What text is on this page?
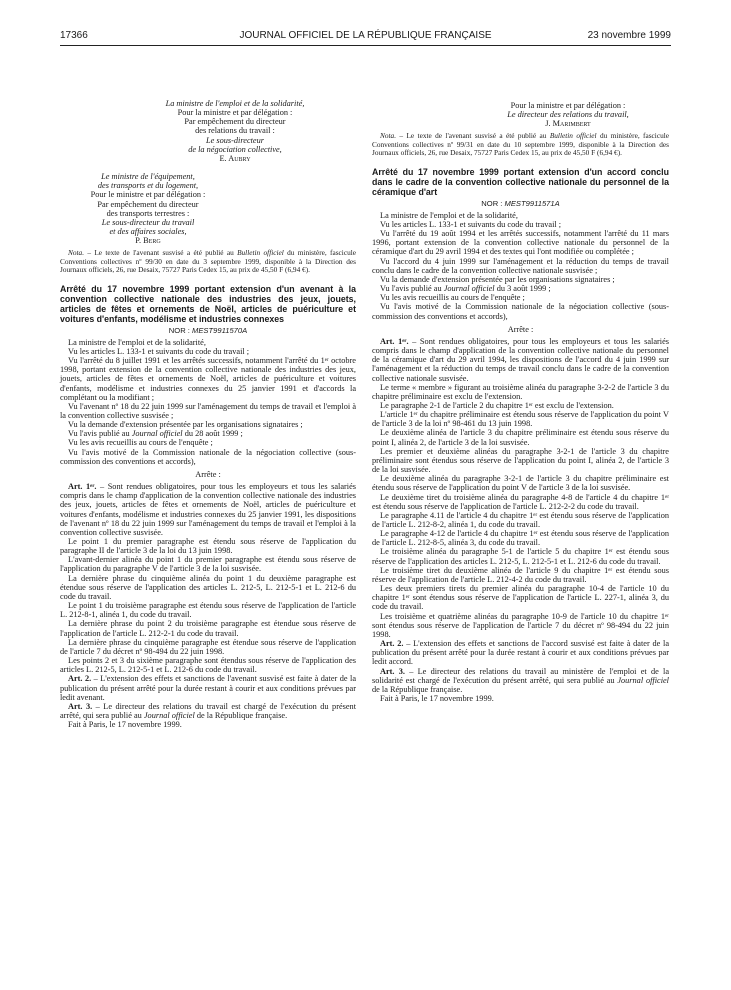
17366	JOURNAL OFFICIEL DE LA RÉPUBLIQUE FRANÇAISE	23 novembre 1999
La ministre de l'emploi et de la solidarité,
Pour la ministre et par délégation :
Par empêchement du directeur
des relations du travail :
Le sous-directeur
de la négociation collective,
E. Aubry
Le ministre de l'équipement,
des transports et du logement,
Pour le ministre et par délégation :
Par empêchement du directeur
des transports terrestres :
Le sous-directeur du travail
et des affaires sociales,
P. Berg

Nota. – Le texte de l'avenant susvisé a été publié au Bulletin officiel du ministère, fascicule Conventions collectives nº 99/30 en date du 3 septembre 1999, disponible à la Direction des Journaux officiels, 26, rue Desaix, 75727 Paris Cedex 15, au prix de 45,50 F (6,94 €).

Arrêté du 17 novembre 1999 portant extension d'un avenant à la convention collective nationale des industries des jeux, jouets, articles de fêtes et ornements de Noël, articles de puériculture et voitures d'enfants, modélisme et industries connexes

NOR : MEST9911570A

La ministre de l'emploi et de la solidarité,

Vu les articles L. 133-1 et suivants du code du travail ;

Vu l'arrêté du 8 juillet 1991 et les arrêtés successifs, notamment l'arrêté du 1ᵉʳ octobre 1998, portant extension de la convention collective nationale des industries des jeux, jouets, articles de fêtes et ornements de Noël, articles de puériculture et voitures d'enfants, modélisme et industries connexes du 25 janvier 1991 et d'accords la complétant ou la modifiant ;

Vu l'avenant nº 18 du 22 juin 1999 sur l'aménagement du temps de travail et l'emploi à la convention collective susvisée ;

Vu la demande d'extension présentée par les organisations signataires ;

Vu l'avis publié au Journal officiel du 28 août 1999 ;

Vu les avis recueillis au cours de l'enquête ;

Vu l'avis motivé de la Commission nationale de la négociation collective (sous-commission des conventions et accords),

Arrête :

Art. 1ᵉʳ. – Sont rendues obligatoires, pour tous les employeurs et tous les salariés compris dans le champ d'application de la convention collective nationale des industries des jeux, jouets, articles de fêtes et ornements de Noël, articles de puériculture et voitures d'enfants, modélisme et industries connexes du 25 janvier 1991, les dispositions de l'avenant nº 18 du 22 juin 1999 sur l'aménagement du temps de travail et l'emploi à la convention collective susvisée.

Le point 1 du premier paragraphe est étendu sous réserve de l'application du paragraphe II de l'article 3 de la loi du 13 juin 1998.

L'avant-dernier alinéa du point 1 du premier paragraphe est étendu sous réserve de l'application du paragraphe V de l'article 3 de la loi susvisée.

La dernière phrase du cinquième alinéa du point 1 du deuxième paragraphe est étendue sous réserve de l'application des articles L. 212-5, L. 212-5-1 et L. 212-6 du code du travail.

Le point 1 du troisième paragraphe est étendu sous réserve de l'application de l'article L. 212-8-1, alinéa 1, du code du travail.

La dernière phrase du point 2 du troisième paragraphe est étendue sous réserve de l'application de l'article L. 212-2-1 du code du travail.

La dernière phrase du cinquième paragraphe est étendue sous réserve de l'application de l'article 7 du décret nº 98-494 du 22 juin 1998.

Les points 2 et 3 du sixième paragraphe sont étendus sous réserve de l'application des articles L. 212-5, L. 212-5-1 et L. 212-6 du code du travail.

Art. 2. – L'extension des effets et sanctions de l'avenant susvisé est faite à dater de la publication du présent arrêté pour la durée restant à courir et aux conditions prévues par ledit avenant.

Art. 3. – Le directeur des relations du travail est chargé de l'exécution du présent arrêté, qui sera publié au Journal officiel de la République française.

Fait à Paris, le 17 novembre 1999.

Pour la ministre et par délégation :
Le directeur des relations du travail,
J. Marimbert

Nota. – Le texte de l'avenant susvisé a été publié au Bulletin officiel du ministère, fascicule Conventions collectives nº 99/31 en date du 10 septembre 1999, disponible à la Direction des Journaux officiels, 26, rue Desaix, 75727 Paris Cedex 15, au prix de 45,50 F (6,94 €).

Arrêté du 17 novembre 1999 portant extension d'un accord conclu dans le cadre de la convention collective nationale du personnel de la céramique d'art

NOR : MEST9911571A

La ministre de l'emploi et de la solidarité,

Vu les articles L. 133-1 et suivants du code du travail ;

Vu l'arrêté du 19 août 1994 et les arrêtés successifs, notamment l'arrêté du 11 mars 1996, portant extension de la convention collective nationale du personnel de la céramique d'art du 29 avril 1994 et des textes qui l'ont modifiée ou complétée ;

Vu l'accord du 4 juin 1999 sur l'aménagement et la réduction du temps de travail conclu dans le cadre de la convention collective nationale susvisée ;

Vu la demande d'extension présentée par les organisations signataires ;

Vu l'avis publié au Journal officiel du 3 août 1999 ;

Vu les avis recueillis au cours de l'enquête ;

Vu l'avis motivé de la Commission nationale de la négociation collective (sous-commission des conventions et accords),

Arrête :

Art. 1ᵉʳ. – Sont rendues obligatoires, pour tous les employeurs et tous les salariés compris dans le champ d'application de la convention collective nationale du personnel de la céramique d'art du 29 avril 1994, les dispositions de l'accord du 4 juin 1999 sur l'aménagement et la réduction du temps de travail conclu dans le cadre de la convention collective nationale susvisée.

Le terme « membre » figurant au troisième alinéa du paragraphe 3-2-2 de l'article 3 du chapitre préliminaire est exclu de l'extension.

Le paragraphe 2-1 de l'article 2 du chapitre 1ᵉʳ est exclu de l'extension.

L'article 1ᵉʳ du chapitre préliminaire est étendu sous réserve de l'application du point V de l'article 3 de la loi nº 98-461 du 13 juin 1998.

Le deuxième alinéa de l'article 3 du chapitre préliminaire est étendu sous réserve du point I, alinéa 2, de l'article 3 de la loi susvisée.

Les premier et deuxième alinéas du paragraphe 3-2-1 de l'article 3 du chapitre préliminaire sont étendus sous réserve de l'application du point I, alinéa 2, de l'article 3 de la loi susvisée.

Le deuxième alinéa du paragraphe 3-2-1 de l'article 3 du chapitre préliminaire est étendu sous réserve de l'application du point V de l'article 3 de la loi susvisée.

Le deuxième tiret du troisième alinéa du paragraphe 4-8 de l'article 4 du chapitre 1ᵉʳ est étendu sous réserve de l'application de l'article L. 212-2-2 du code du travail.

Le paragraphe 4.11 de l'article 4 du chapitre 1ᵉʳ est étendu sous réserve de l'application de l'article L. 212-8-2, alinéa 1, du code du travail.

Le paragraphe 4-12 de l'article 4 du chapitre 1ᵉʳ est étendu sous réserve de l'application de l'article L. 212-8-5, alinéa 3, du code du travail.

Le troisième alinéa du paragraphe 5-1 de l'article 5 du chapitre 1ᵉʳ est étendu sous réserve de l'application des articles L. 212-5, L. 212-5-1 et L. 212-6 du code du travail.

Le troisième tiret du deuxième alinéa de l'article 9 du chapitre 1ᵉʳ est étendu sous réserve de l'application de l'article L. 212-4-2 du code du travail.

Les deux premiers tirets du premier alinéa du paragraphe 10-4 de l'article 10 du chapitre 1ᵉʳ sont étendus sous réserve de l'application de l'article L. 227-1, alinéa 3, du code du travail.

Les troisième et quatrième alinéas du paragraphe 10-9 de l'article 10 du chapitre 1ᵉʳ sont étendus sous réserve de l'application de l'article 7 du décret nº 98-494 du 22 juin 1998.

Art. 2. – L'extension des effets et sanctions de l'accord susvisé est faite à dater de la publication du présent arrêté pour la durée restant à courir et aux conditions prévues par ledit accord.

Art. 3. – Le directeur des relations du travail au ministère de l'emploi et de la solidarité est chargé de l'exécution du présent arrêté, qui sera publié au Journal officiel de la République française.

Fait à Paris, le 17 novembre 1999.
